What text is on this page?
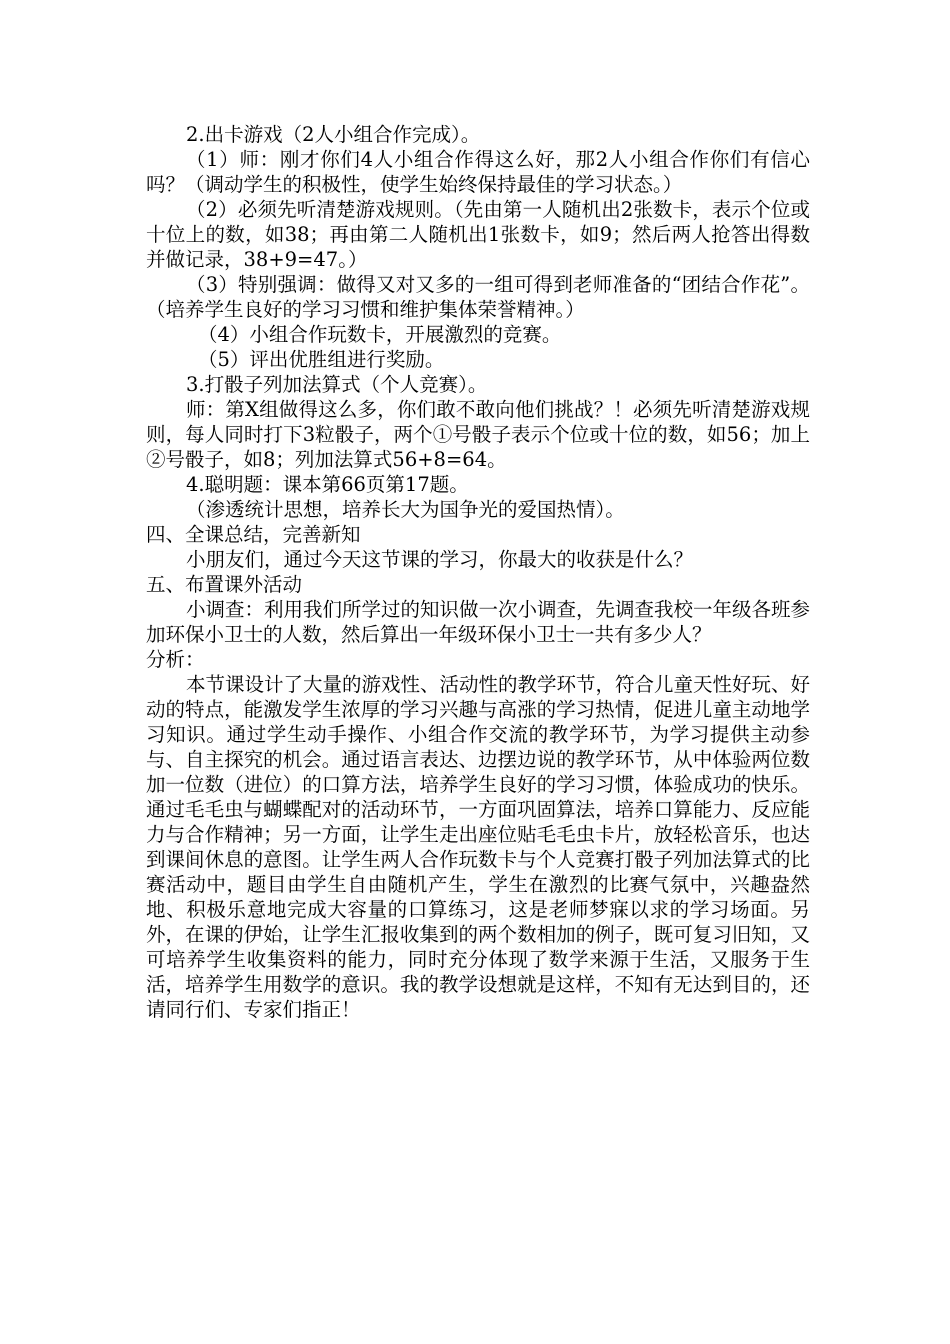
2.出卡游戏（2人小组合作完成）。

（1）师：刚才你们4人小组合作得这么好，那2人小组合作你们有信心吗？（调动学生的积极性，使学生始终保持最佳的学习状态。）

（2）必须先听清楚游戏规则。（先由第一人随机出2张数卡，表示个位或十位上的数，如38；再由第二人随机出1张数卡，如9；然后两人抢答出得数并做记录，38+9=47。）

（3）特别强调：做得又对又多的一组可得到老师准备的“团结合作花”。（培养学生良好的学习习惯和维护集体荣誉精神。）

（4）小组合作玩数卡，开展激烈的竞赛。

（5）评出优胜组进行奖励。

3.打骰子列加法算式（个人竞赛）。

师：第X组做得这么多，你们敢不敢向他们挑战？！必须先听清楚游戏规则，每人同时打下3粒骰子，两个①号骰子表示个位或十位的数，如56；加上②号骰子，如8；列加法算式56+8=64。

4.聪明题：课本第66页第17题。

（渗透统计思想，培养长大为国争光的爱国热情）。

四、全课总结，完善新知

小朋友们，通过今天这节课的学习，你最大的收获是什么？

五、布置课外活动

小调查：利用我们所学过的知识做一次小调查，先调查我校一年级各班参加环保小卫士的人数，然后算出一年级环保小卫士一共有多少人？

分析：

本节课设计了大量的游戏性、活动性的教学环节，符合儿童天性好玩、好动的特点，能激发学生浓厚的学习兴趣与高涨的学习热情，促进儿童主动地学习知识。通过学生动手操作、小组合作交流的教学环节，为学习提供主动参与、自主探究的机会。通过语言表达、边摆边说的教学环节，从中体验两位数加一位数（进位）的口算方法，培养学生良好的学习习惯，体验成功的快乐。通过毛毛虫与蝴蝶配对的活动环节，一方面巩固算法，培养口算能力、反应能力与合作精神；另一方面，让学生走出座位贴毛毛虫卡片，放轻松音乐，也达到课间休息的意图。让学生两人合作玩数卡与个人竞赛打骰子列加法算式的比赛活动中，题目由学生自由随机产生，学生在激烈的比赛气氛中，兴趣盎然地、积极乐意地完成大容量的口算练习，这是老师梦寐以求的学习场面。另外，在课的伊始，让学生汇报收集到的两个数相加的例子，既可复习旧知，又可培养学生收集资料的能力，同时充分体现了数学来源于生活，又服务于生活，培养学生用数学的意识。我的教学设想就是这样，不知有无达到目的，还请同行们、专家们指正！
